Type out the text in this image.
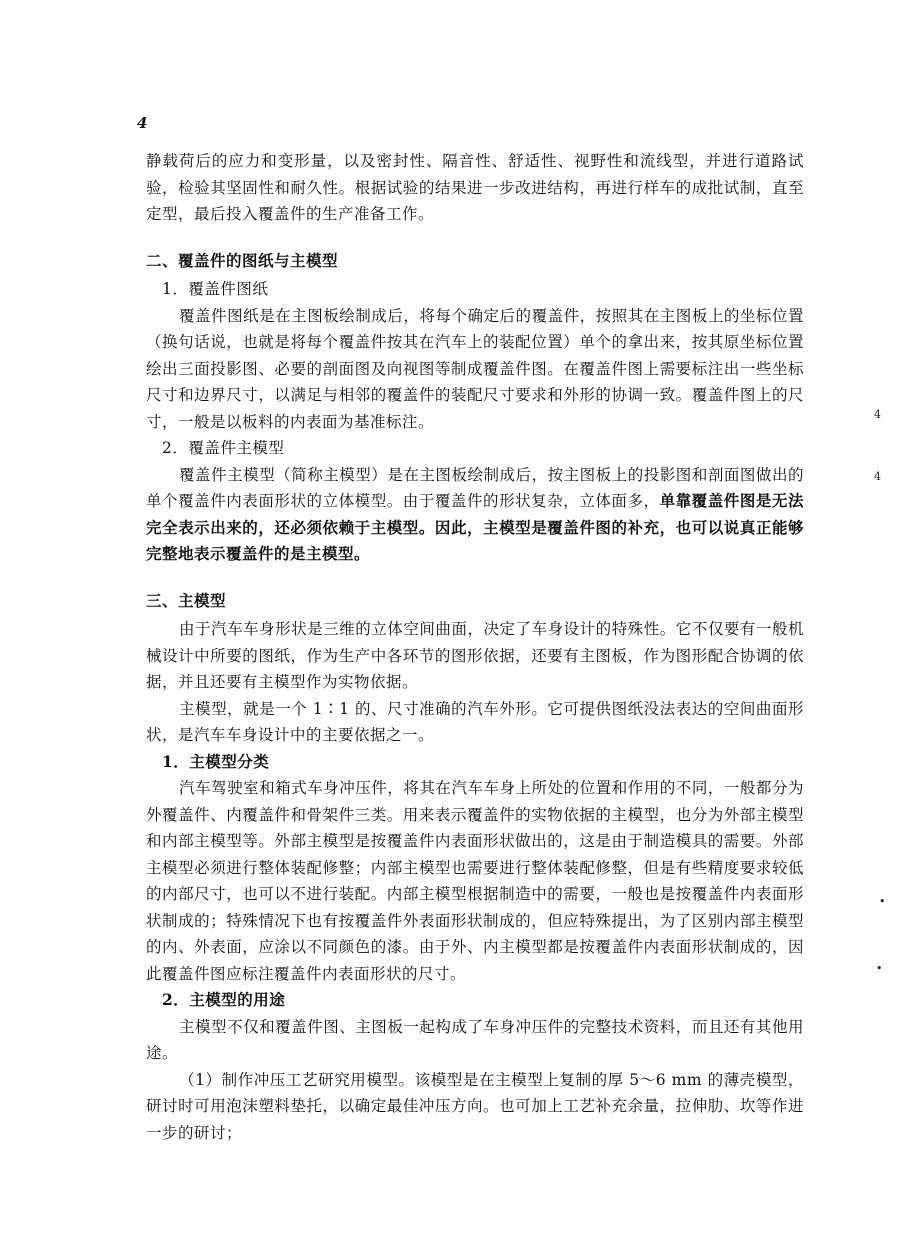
4
4
4
•
•

静载荷后的应力和变形量，以及密封性、隔音性、舒适性、视野性和流线型，并进行道路试验，检验其坚固性和耐久性。根据试验的结果进一步改进结构，再进行样车的成批试制，直至定型，最后投入覆盖件的生产准备工作。

二、覆盖件的图纸与主模型

1．覆盖件图纸

覆盖件图纸是在主图板绘制成后，将每个确定后的覆盖件，按照其在主图板上的坐标位置（换句话说，也就是将每个覆盖件按其在汽车上的装配位置）单个的拿出来，按其原坐标位置绘出三面投影图、必要的剖面图及向视图等制成覆盖件图。在覆盖件图上需要标注出一些坐标尺寸和边界尺寸，以满足与相邻的覆盖件的装配尺寸要求和外形的协调一致。覆盖件图上的尺寸，一般是以板料的内表面为基准标注。

2．覆盖件主模型

覆盖件主模型（简称主模型）是在主图板绘制成后，按主图板上的投影图和剖面图做出的单个覆盖件内表面形状的立体模型。由于覆盖件的形状复杂，立体面多，单靠覆盖件图是无法完全表示出来的，还必须依赖于主模型。因此，主模型是覆盖件图的补充，也可以说真正能够完整地表示覆盖件的是主模型。

三、主模型

由于汽车车身形状是三维的立体空间曲面，决定了车身设计的特殊性。它不仅要有一般机械设计中所要的图纸，作为生产中各环节的图形依据，还要有主图板，作为图形配合协调的依据，并且还要有主模型作为实物依据。

主模型，就是一个 1∶1 的、尺寸准确的汽车外形。它可提供图纸没法表达的空间曲面形状，是汽车车身设计中的主要依据之一。

1．主模型分类

汽车驾驶室和箱式车身冲压件，将其在汽车车身上所处的位置和作用的不同，一般都分为外覆盖件、内覆盖件和骨架件三类。用来表示覆盖件的实物依据的主模型，也分为外部主模型和内部主模型等。外部主模型是按覆盖件内表面形状做出的，这是由于制造模具的需要。外部主模型必须进行整体装配修整；内部主模型也需要进行整体装配修整，但是有些精度要求较低的内部尺寸，也可以不进行装配。内部主模型根据制造中的需要，一般也是按覆盖件内表面形状制成的；特殊情况下也有按覆盖件外表面形状制成的，但应特殊提出，为了区别内部主模型的内、外表面，应涂以不同颜色的漆。由于外、内主模型都是按覆盖件内表面形状制成的，因此覆盖件图应标注覆盖件内表面形状的尺寸。

2．主模型的用途

主模型不仅和覆盖件图、主图板一起构成了车身冲压件的完整技术资料，而且还有其他用途。

（1）制作冲压工艺研究用模型。该模型是在主模型上复制的厚 5～6 mm 的薄壳模型，研讨时可用泡沫塑料垫托，以确定最佳冲压方向。也可加上工艺补充余量，拉伸肋、坎等作进一步的研讨；
